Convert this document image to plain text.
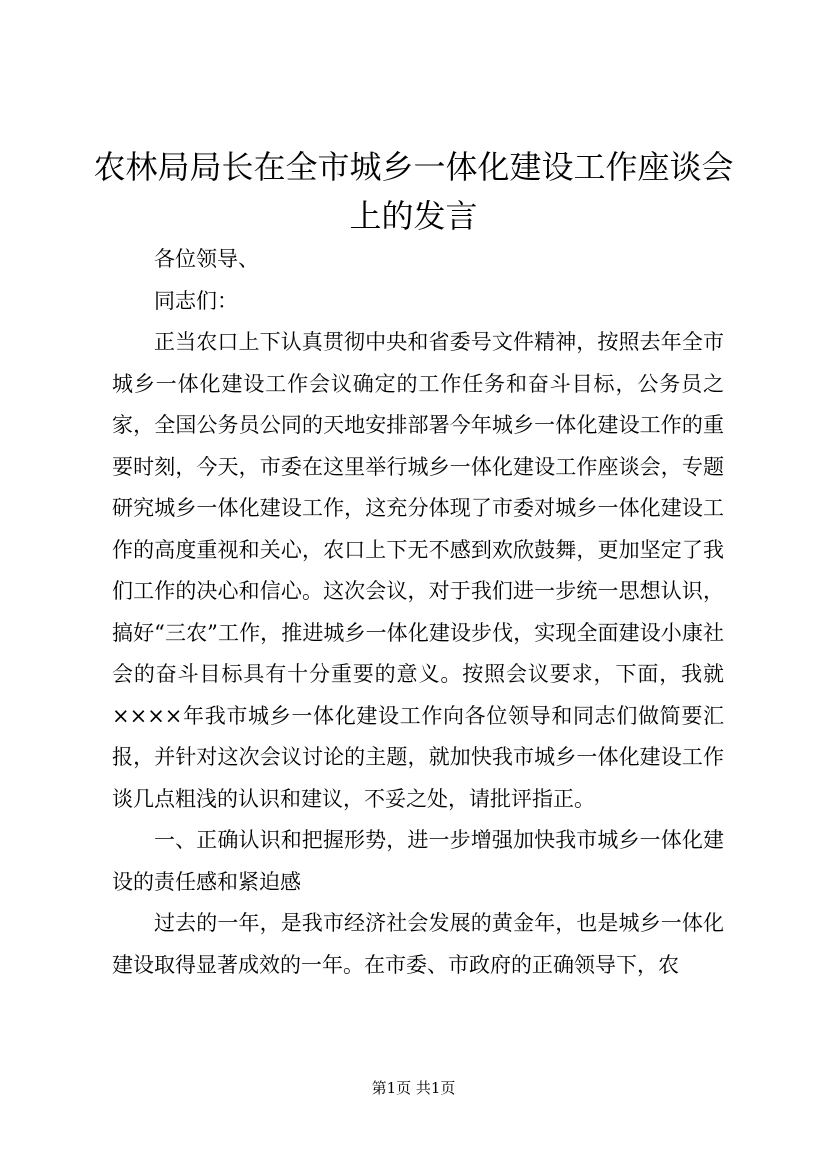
农林局局长在全市城乡一体化建设工作座谈会上的发言

各位领导、

同志们：

正当农口上下认真贯彻中央和省委号文件精神，按照去年全市城乡一体化建设工作会议确定的工作任务和奋斗目标，公务员之家，全国公务员公同的天地安排部署今年城乡一体化建设工作的重要时刻，今天，市委在这里举行城乡一体化建设工作座谈会，专题研究城乡一体化建设工作，这充分体现了市委对城乡一体化建设工作的高度重视和关心，农口上下无不感到欢欣鼓舞，更加坚定了我们工作的决心和信心。这次会议，对于我们进一步统一思想认识，搞好“三农”工作，推进城乡一体化建设步伐，实现全面建设小康社会的奋斗目标具有十分重要的意义。按照会议要求，下面，我就××××年我市城乡一体化建设工作向各位领导和同志们做简要汇报，并针对这次会议讨论的主题，就加快我市城乡一体化建设工作谈几点粗浅的认识和建议，不妥之处，请批评指正。

一、正确认识和把握形势，进一步增强加快我市城乡一体化建设的责任感和紧迫感

过去的一年，是我市经济社会发展的黄金年，也是城乡一体化建设取得显著成效的一年。在市委、市政府的正确领导下，农

第1页 共1页
